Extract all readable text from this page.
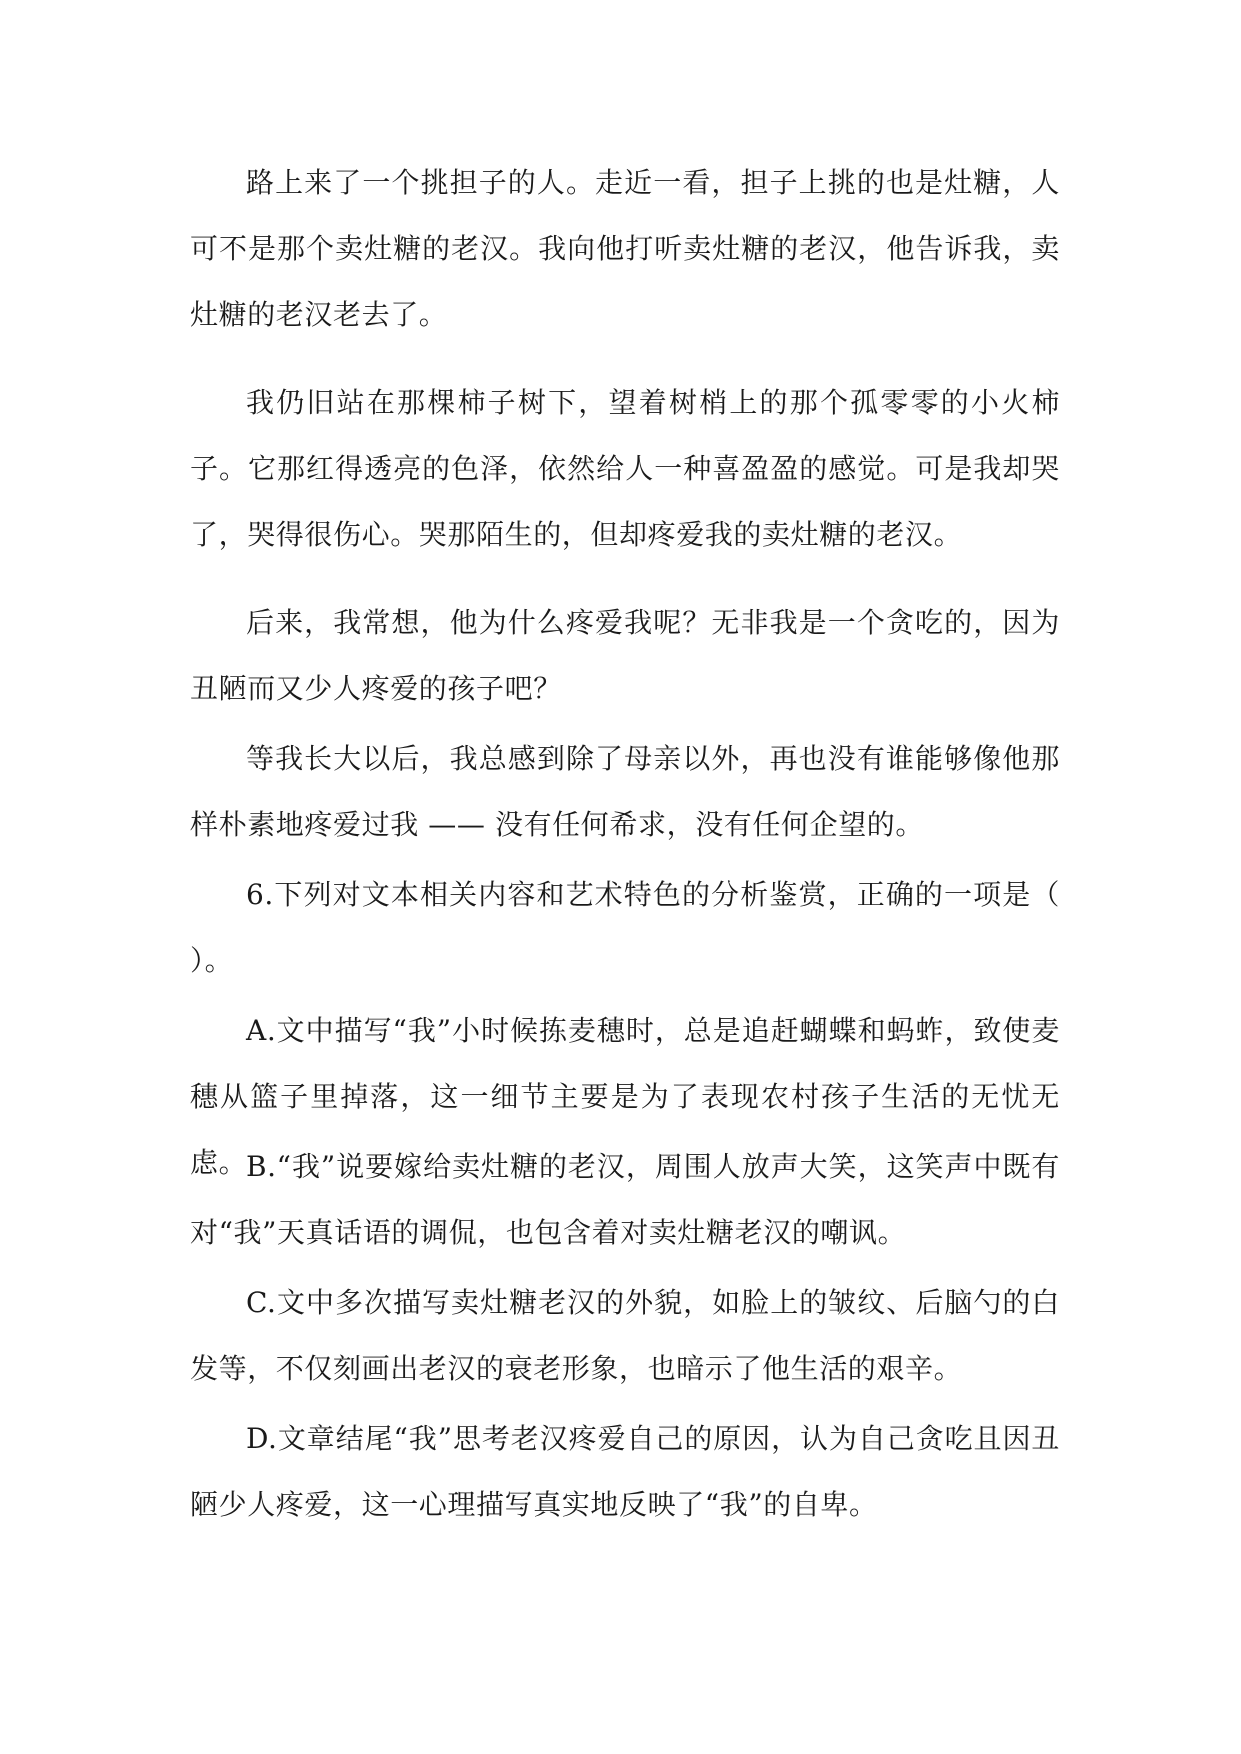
路上来了一个挑担子的人。走近一看，担子上挑的也是灶糖，人可不是那个卖灶糖的老汉。我向他打听卖灶糖的老汉，他告诉我，卖灶糖的老汉老去了。

我仍旧站在那棵柿子树下，望着树梢上的那个孤零零的小火柿子。它那红得透亮的色泽，依然给人一种喜盈盈的感觉。可是我却哭了，哭得很伤心。哭那陌生的，但却疼爱我的卖灶糖的老汉。

后来，我常想，他为什么疼爱我呢？无非我是一个贪吃的，因为丑陋而又少人疼爱的孩子吧？

等我长大以后，我总感到除了母亲以外，再也没有谁能够像他那样朴素地疼爱过我 —— 没有任何希求，没有任何企望的。

6.下列对文本相关内容和艺术特色的分析鉴赏，正确的一项是（ ）。

A.文中描写“我”小时候拣麦穗时，总是追赶蝴蝶和蚂蚱，致使麦穗从篮子里掉落，这一细节主要是为了表现农村孩子生活的无忧无虑。

B.“我”说要嫁给卖灶糖的老汉，周围人放声大笑，这笑声中既有对“我”天真话语的调侃，也包含着对卖灶糖老汉的嘲讽。

C.文中多次描写卖灶糖老汉的外貌，如脸上的皱纹、后脑勺的白发等，不仅刻画出老汉的衰老形象，也暗示了他生活的艰辛。

D.文章结尾“我”思考老汉疼爱自己的原因，认为自己贪吃且因丑陋少人疼爱，这一心理描写真实地反映了“我”的自卑。
